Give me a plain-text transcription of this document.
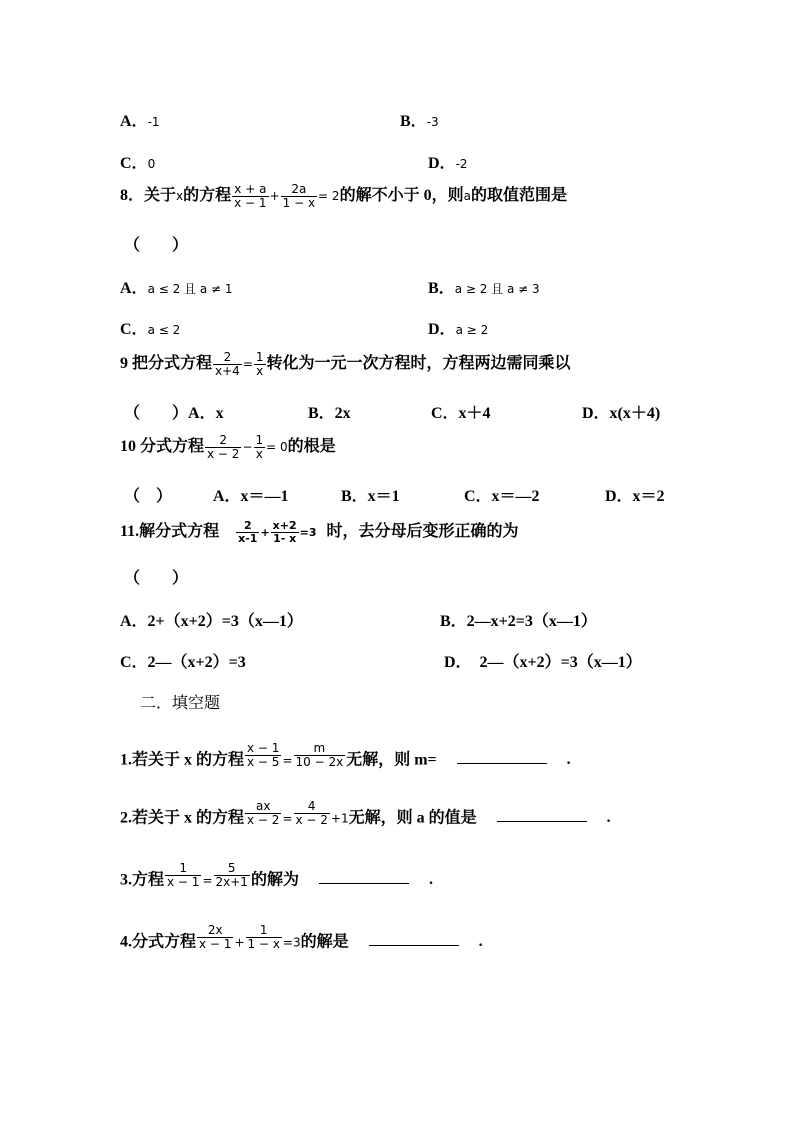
A．-1	B．-3
C．0	D．-2
8．关于x的方程 $\frac{x + a}{x - 1} + \frac{2a}{1 - x} = 2$的解不小于 0，则a的取值范围是
（　　）
A．a ≤ 2 且 a ≠ 1	B．a ≥ 2 且 a ≠ 3
C．a ≤ 2	D．a ≥ 2
9 把分式方程 $\frac{2}{x+4} = \frac{1}{x}$ 转化为一元一次方程时，方程两边需同乘以
（　　）A．x	B．2x	C．x＋4	D．x(x＋4)
10 分式方程 $\frac{2}{x - 2} - \frac{1}{x} = 0$的根是
（　）	A．x＝—1	B．x＝1	C．x＝—2	D．x＝2
11.解分式方程 $\frac{2}{x-1} + \frac{x+2}{1- x} =3$ 时，去分母后变形正确的为
（　　）
A．2+（x+2）=3（x—1）	B．2—x+2=3（x—1）
C．2—（x+2）=3	D．　2—（x+2）=3（x—1）
二．填空题
1.若关于 x 的方程 $\frac{x - 1}{x - 5} = \frac{m}{10 - 2x}$ 无解，则 m=	.
2.若关于 x 的方程 $\frac{ax}{x - 2} = \frac{4}{x - 2} +1$无解，则 a 的值是	.
3.方程 $\frac{1}{x - 1} = \frac{5}{2x+1}$ 的解为	.
4.分式方程 $\frac{2x}{x - 1} + \frac{1}{1 - x} =3$的解是	.
